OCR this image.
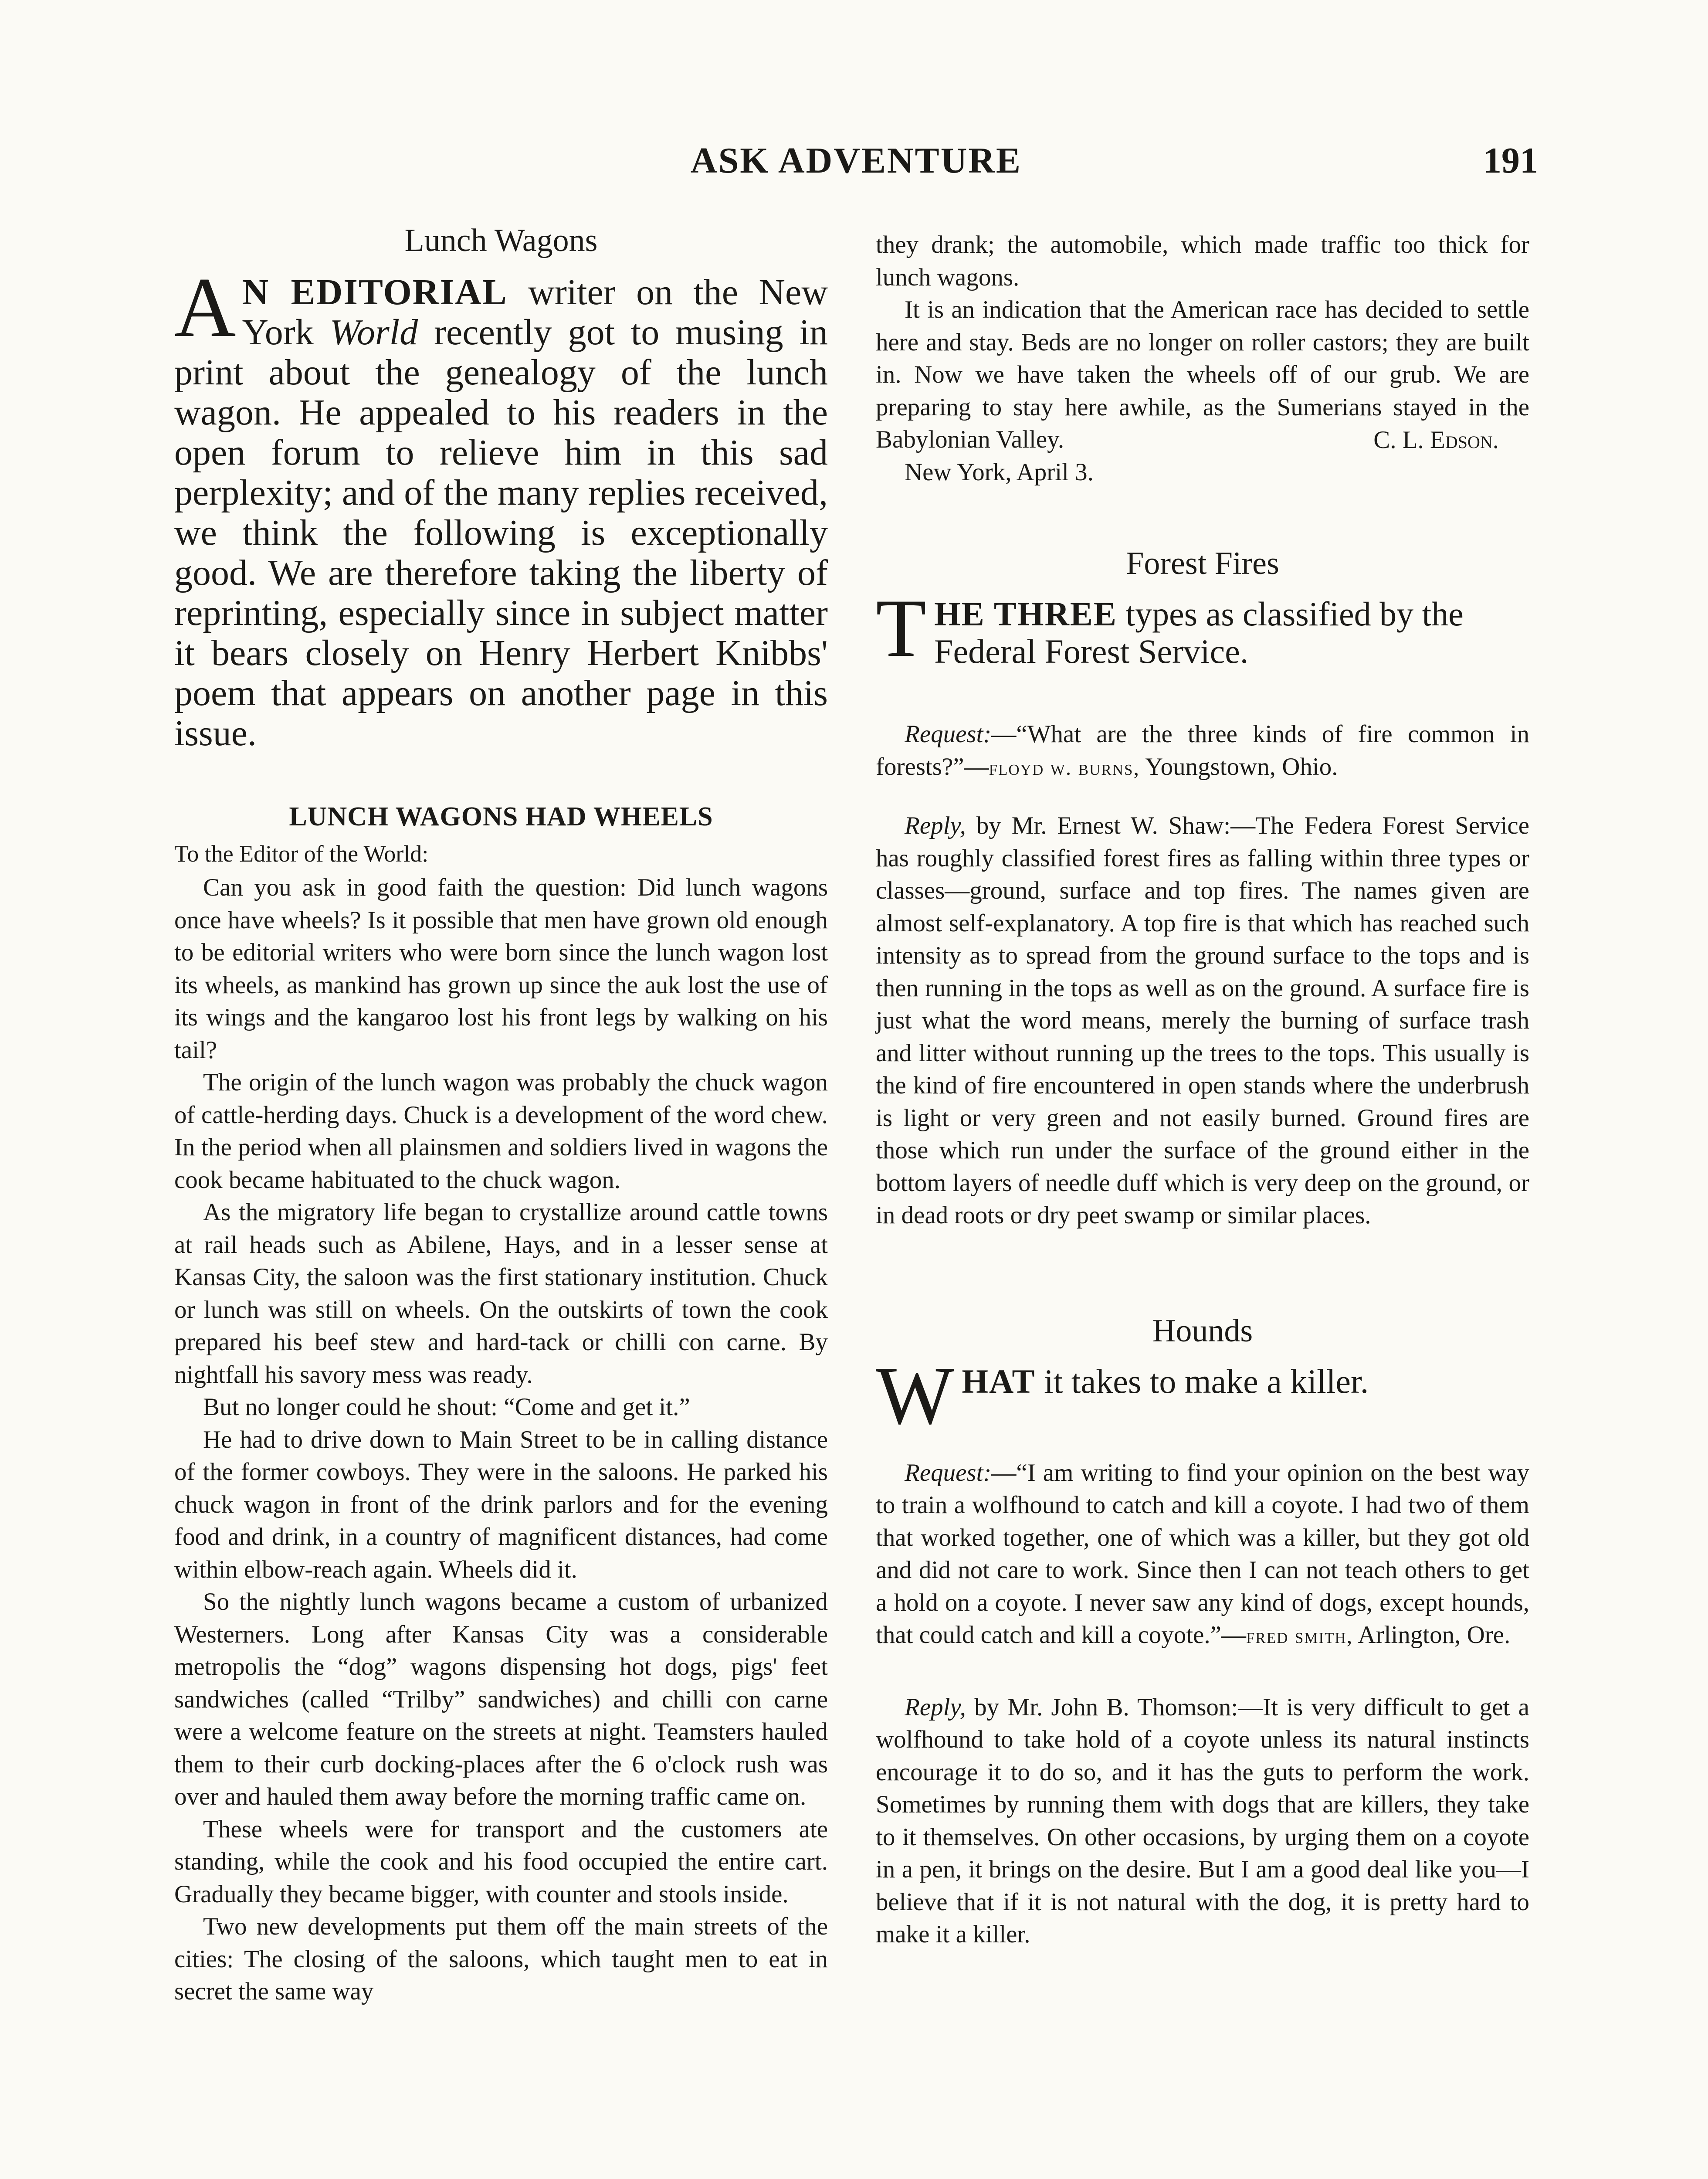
ASK ADVENTURE	191
Lunch Wagons

A N EDITORIAL writer on the New York World recently got to musing in print about the genealogy of the lunch wagon. He appealed to his readers in the open forum to relieve him in this sad perplexity; and of the many replies received, we think the following is exceptionally good. We are therefore taking the liberty of reprinting, especially since in subject matter it bears closely on Henry Herbert Knibbs' poem that appears on another page in this issue.

LUNCH WAGONS HAD WHEELS
To the Editor of the World:

Can you ask in good faith the question: Did lunch wagons once have wheels? Is it possible that men have grown old enough to be editorial writers who were born since the lunch wagon lost its wheels, as mankind has grown up since the auk lost the use of its wings and the kangaroo lost his front legs by walking on his tail?

The origin of the lunch wagon was probably the chuck wagon of cattle-herding days. Chuck is a development of the word chew. In the period when all plainsmen and soldiers lived in wagons the cook became habituated to the chuck wagon.

As the migratory life began to crystallize around cattle towns at rail heads such as Abilene, Hays, and in a lesser sense at Kansas City, the saloon was the first stationary institution. Chuck or lunch was still on wheels. On the outskirts of town the cook prepared his beef stew and hard-tack or chilli con carne. By nightfall his savory mess was ready.

But no longer could he shout: “Come and get it.”

He had to drive down to Main Street to be in calling distance of the former cowboys. They were in the saloons. He parked his chuck wagon in front of the drink parlors and for the evening food and drink, in a country of magnificent distances, had come within elbow-reach again. Wheels did it.

So the nightly lunch wagons became a custom of urbanized Westerners. Long after Kansas City was a considerable metropolis the “dog” wagons dispensing hot dogs, pigs' feet sandwiches (called “Trilby” sandwiches) and chilli con carne were a welcome feature on the streets at night. Teamsters hauled them to their curb docking-places after the 6 o'clock rush was over and hauled them away before the morning traffic came on.

These wheels were for transport and the customers ate standing, while the cook and his food occupied the entire cart. Gradually they became bigger, with counter and stools inside.

Two new developments put them off the main streets of the cities: The closing of the saloons, which taught men to eat in secret the same way

they drank; the automobile, which made traffic too thick for lunch wagons.

It is an indication that the American race has decided to settle here and stay. Beds are no longer on roller castors; they are built in. Now we have taken the wheels off of our grub. We are preparing to stay here awhile, as the Sumerians stayed in the Babylonian Valley.	C. L. Edson.

New York, April 3.

Forest Fires

THE THREE types as classified by the Federal Forest Service.

Request:—“What are the three kinds of fire common in forests?”—floyd w. burns, Youngstown, Ohio.

Reply, by Mr. Ernest W. Shaw:—The Federa Forest Service has roughly classified forest fires as falling within three types or classes—ground, surface and top fires. The names given are almost self-explanatory. A top fire is that which has reached such intensity as to spread from the ground surface to the tops and is then running in the tops as well as on the ground. A surface fire is just what the word means, merely the burning of surface trash and litter without running up the trees to the tops. This usually is the kind of fire encountered in open stands where the underbrush is light or very green and not easily burned. Ground fires are those which run under the surface of the ground either in the bottom layers of needle duff which is very deep on the ground, or in dead roots or dry peet swamp or similar places.

Hounds

WHAT it takes to make a killer.

Request:—“I am writing to find your opinion on the best way to train a wolfhound to catch and kill a coyote. I had two of them that worked together, one of which was a killer, but they got old and did not care to work. Since then I can not teach others to get a hold on a coyote. I never saw any kind of dogs, except hounds, that could catch and kill a coyote.”—fred smith, Arlington, Ore.

Reply, by Mr. John B. Thomson:—It is very difficult to get a wolfhound to take hold of a coyote unless its natural instincts encourage it to do so, and it has the guts to perform the work. Sometimes by running them with dogs that are killers, they take to it themselves. On other occasions, by urging them on a coyote in a pen, it brings on the desire. But I am a good deal like you—I believe that if it is not natural with the dog, it is pretty hard to make it a killer.
